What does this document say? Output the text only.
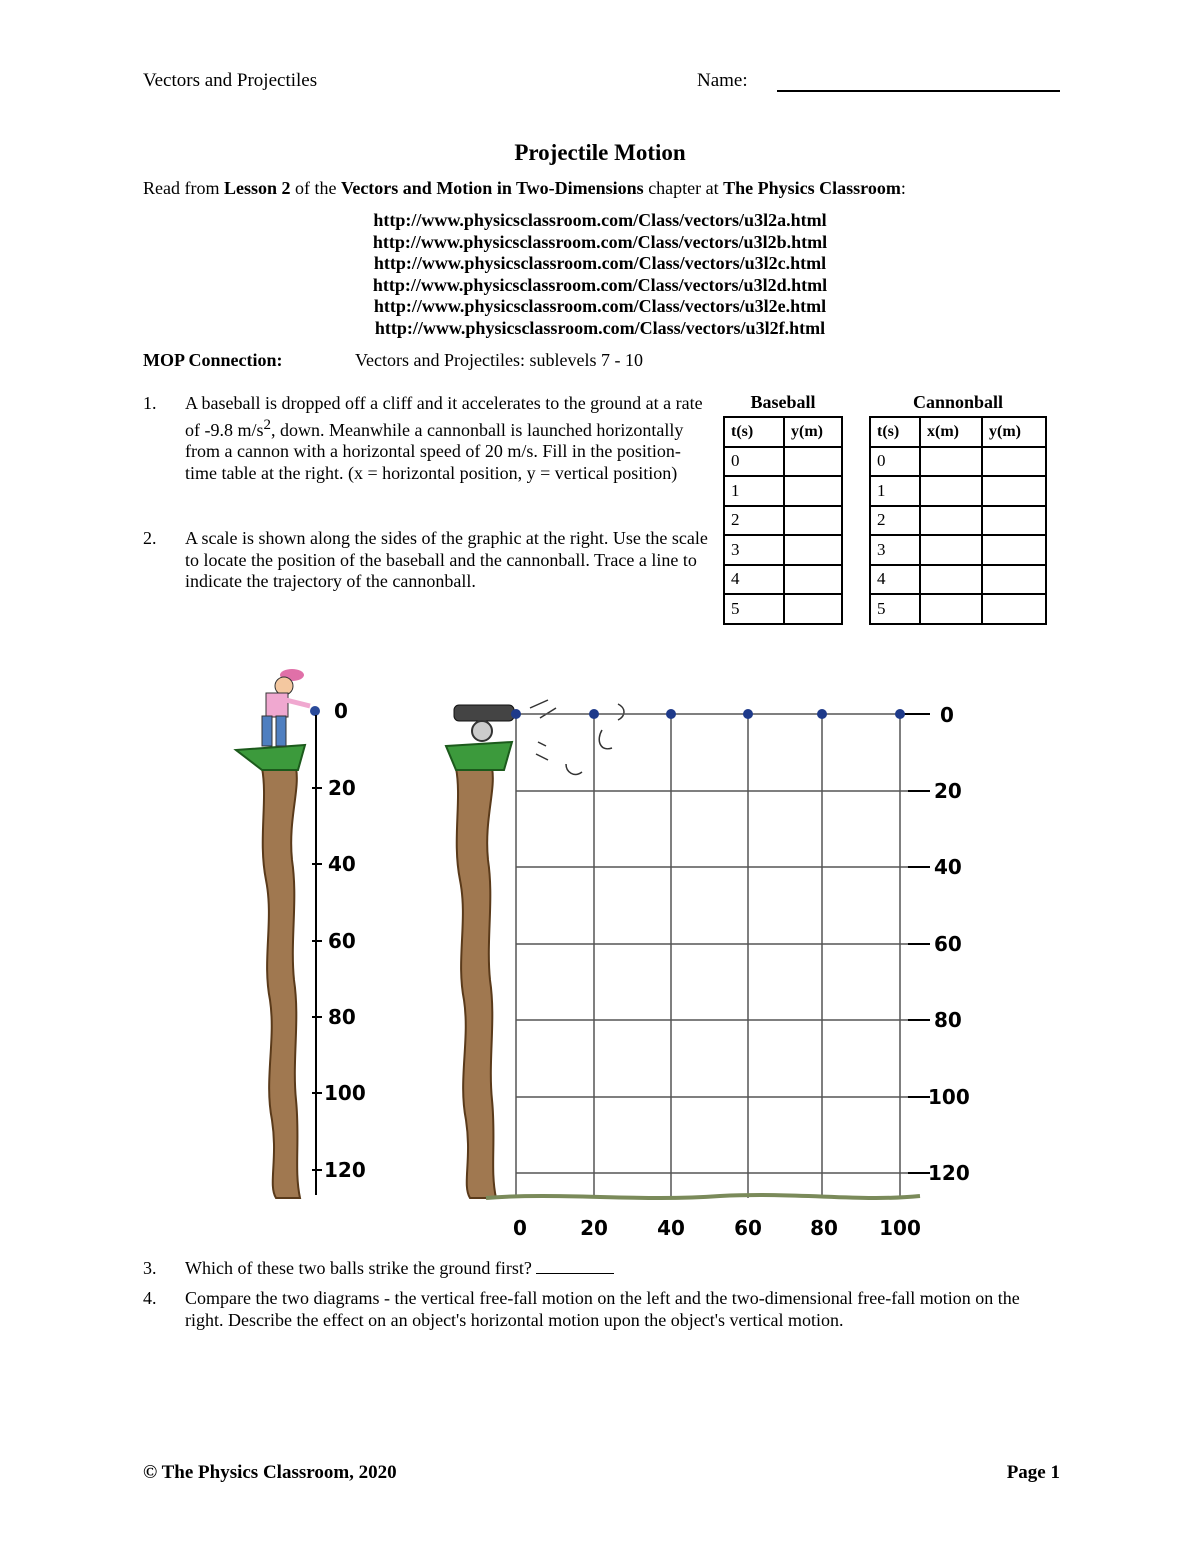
Vectors and Projectiles	Name:
Projectile Motion
Read from Lesson 2 of the Vectors and Motion in Two-Dimensions chapter at The Physics Classroom:
http://www.physicsclassroom.com/Class/vectors/u3l2a.html
http://www.physicsclassroom.com/Class/vectors/u3l2b.html
http://www.physicsclassroom.com/Class/vectors/u3l2c.html
http://www.physicsclassroom.com/Class/vectors/u3l2d.html
http://www.physicsclassroom.com/Class/vectors/u3l2e.html
http://www.physicsclassroom.com/Class/vectors/u3l2f.html
MOP Connection:	Vectors and Projectiles: sublevels 7 - 10
1. A baseball is dropped off a cliff and it accelerates to the ground at a rate of -9.8 $m/s^2$, down. Meanwhile a cannonball is launched horizontally from a cannon with a horizontal speed of 20 m/s. Fill in the position-time table at the right. (x = horizontal position, y = vertical position)
2. A scale is shown along the sides of the graphic at the right. Use the scale to locate the position of the baseball and the cannonball. Trace a line to indicate the trajectory of the cannonball.
Baseball
t(s)	y(m)
0	
1	
2	
3	
4	
5	
Cannonball
t(s)	x(m)	y(m)
0		
1		
2		
3		
4		
5		
0
20
40
60
80
100
120
0
20
40
60
80
100
120
0	20 40 60 80 100
3. Which of these two balls strike the ground first?
4. Compare the two diagrams - the vertical free-fall motion on the left and the two-dimensional free-fall motion on the right. Describe the effect on an object's horizontal motion upon the object's vertical motion.
© The Physics Classroom, 2020	Page 1
